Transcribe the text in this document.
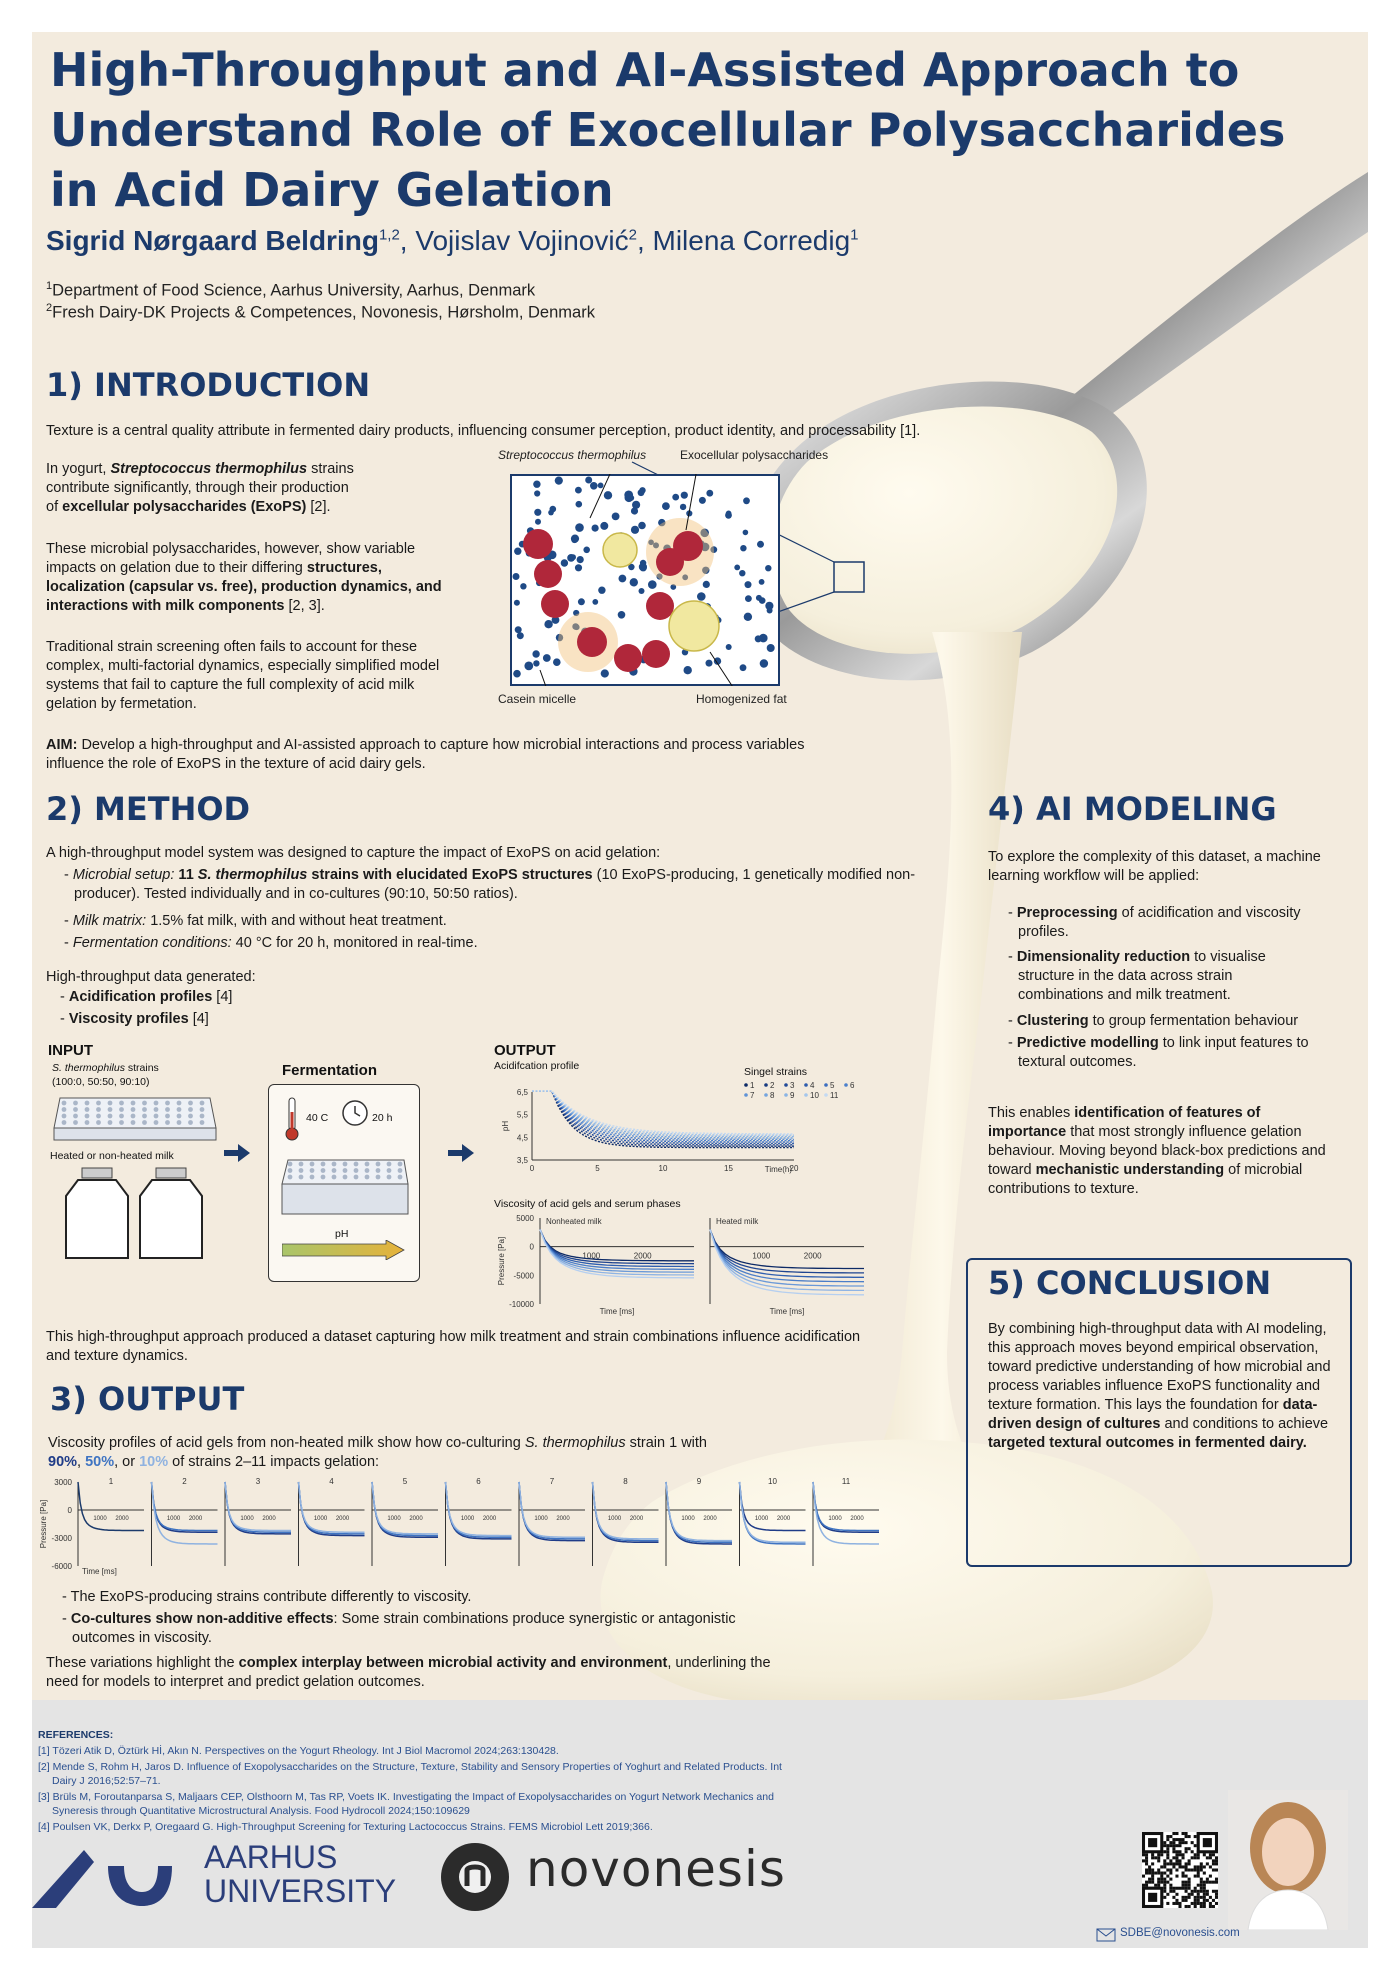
High-Throughput and AI-Assisted Approach to
Understand Role of Exocellular Polysaccharides
in Acid Dairy Gelation
Sigrid Nørgaard Beldring$^{1,2}$, Vojislav Vojinović$^2$, Milena Corredig$^1$
$^1$Department of Food Science, Aarhus University, Aarhus, Denmark
$^2$Fresh Dairy-DK Projects & Competences, Novonesis, Hørsholm, Denmark
1) INTRODUCTION
Texture is a central quality attribute in fermented dairy products, influencing consumer perception, product identity, and processability [1].
In yogurt, Streptococcus thermophilus strains contribute significantly, through their production of excellular polysaccharides (ExoPS) [2].
These microbial polysaccharides, however, show variable impacts on gelation due to their differing structures, localization (capsular vs. free), production dynamics, and interactions with milk components [2, 3].
Traditional strain screening often fails to account for these complex, multi-factorial dynamics, especially simplified model systems that fail to capture the full complexity of acid milk gelation by fermetation.
Streptococcus thermophilus	Exocellular polysaccharides
Casein micelle	Homogenized fat
AIM: Develop a high-throughput and AI-assisted approach to capture how microbial interactions and process variables influence the role of ExoPS in the texture of acid dairy gels.
2) METHOD
A high-throughput model system was designed to capture the impact of ExoPS on acid gelation:
- Microbial setup: 11 S. thermophilus strains with elucidated ExoPS structures (10 ExoPS-producing, 1 genetically modified non-producer). Tested individually and in co-cultures (90:10, 50:50 ratios).
- Milk matrix: 1.5% fat milk, with and without heat treatment.
- Fermentation conditions: 40 °C for 20 h, monitored in real-time.
High-throughput data generated:
- Acidification profiles [4]
- Viscosity profiles [4]
INPUT
S. thermophilus strains
(100:0, 50:50, 90:10)
Heated or non-heated milk
Fermentation
40 C	20 h
pH
OUTPUT
Acidifcation profile	Singel strains
6,5
5,5
4,5
3,5
0	5	10	15	20
Time(h)
pH
1 2 3 4 5 6
7 8 9 10 11
Viscosity of acid gels and serum phases
Pressure [Pa]
5000
0
-5000
-10000
Nonheated milk
1000	2000
Time [ms]
Heated milk
1000	2000
Time [ms]
This high-throughput approach produced a dataset capturing how milk treatment and strain combinations influence acidification and texture dynamics.
3) OUTPUT
Viscosity profiles of acid gels from non-heated milk show how co-culturing S. thermophilus strain 1 with
90%, 50%, or 10% of strains 2–11 impacts gelation:
Pressure [Pa]
3000
0
-3000
-6000
1
1000 2000
2
1000 2000
3
1000 2000
4
1000 2000
5
1000 2000
6
1000 2000
7
1000 2000
8
1000 2000
9
1000 2000
10
1000 2000
11
1000 2000
Time [ms]
- The ExoPS-producing strains contribute differently to viscosity.
- Co-cultures show non-additive effects: Some strain combinations produce synergistic or antagonistic outcomes in viscosity.
These variations highlight the complex interplay between microbial activity and environment, underlining the need for models to interpret and predict gelation outcomes.
4) AI MODELING
To explore the complexity of this dataset, a machine learning workflow will be applied:
- Preprocessing of acidification and viscosity profiles.
- Dimensionality reduction to visualise structure in the data across strain combinations and milk treatment.
- Clustering to group fermentation behaviour
- Predictive modelling to link input features to textural outcomes.
This enables identification of features of importance that most strongly influence gelation behaviour. Moving beyond black-box predictions and toward mechanistic understanding of microbial contributions to texture.
5) CONCLUSION
By combining high-throughput data with AI modeling, this approach moves beyond empirical observation, toward predictive understanding of how microbial and process variables influence ExoPS functionality and texture formation. This lays the foundation for data-driven design of cultures and conditions to achieve targeted textural outcomes in fermented dairy.
REFERENCES:
[1] Tözeri Atik D, Öztürk Hİ, Akın N. Perspectives on the Yogurt Rheology. Int J Biol Macromol 2024;263:130428.
[2] Mende S, Rohm H, Jaros D. Influence of Exopolysaccharides on the Structure, Texture, Stability and Sensory Properties of Yoghurt and Related Products. Int Dairy J 2016;52:57–71.
[3] Brüls M, Foroutanparsa S, Maljaars CEP, Olsthoorn M, Tas RP, Voets IK. Investigating the Impact of Exopolysaccharides on Yogurt Network Mechanics and Syneresis through Quantitative Microstructural Analysis. Food Hydrocoll 2024;150:109629
[4] Poulsen VK, Derkx P, Oregaard G. High-Throughput Screening for Texturing Lactococcus Strains. FEMS Microbiol Lett 2019;366.
AARHUS
UNIVERSITY	novonesis
SDBE@novonesis.com
